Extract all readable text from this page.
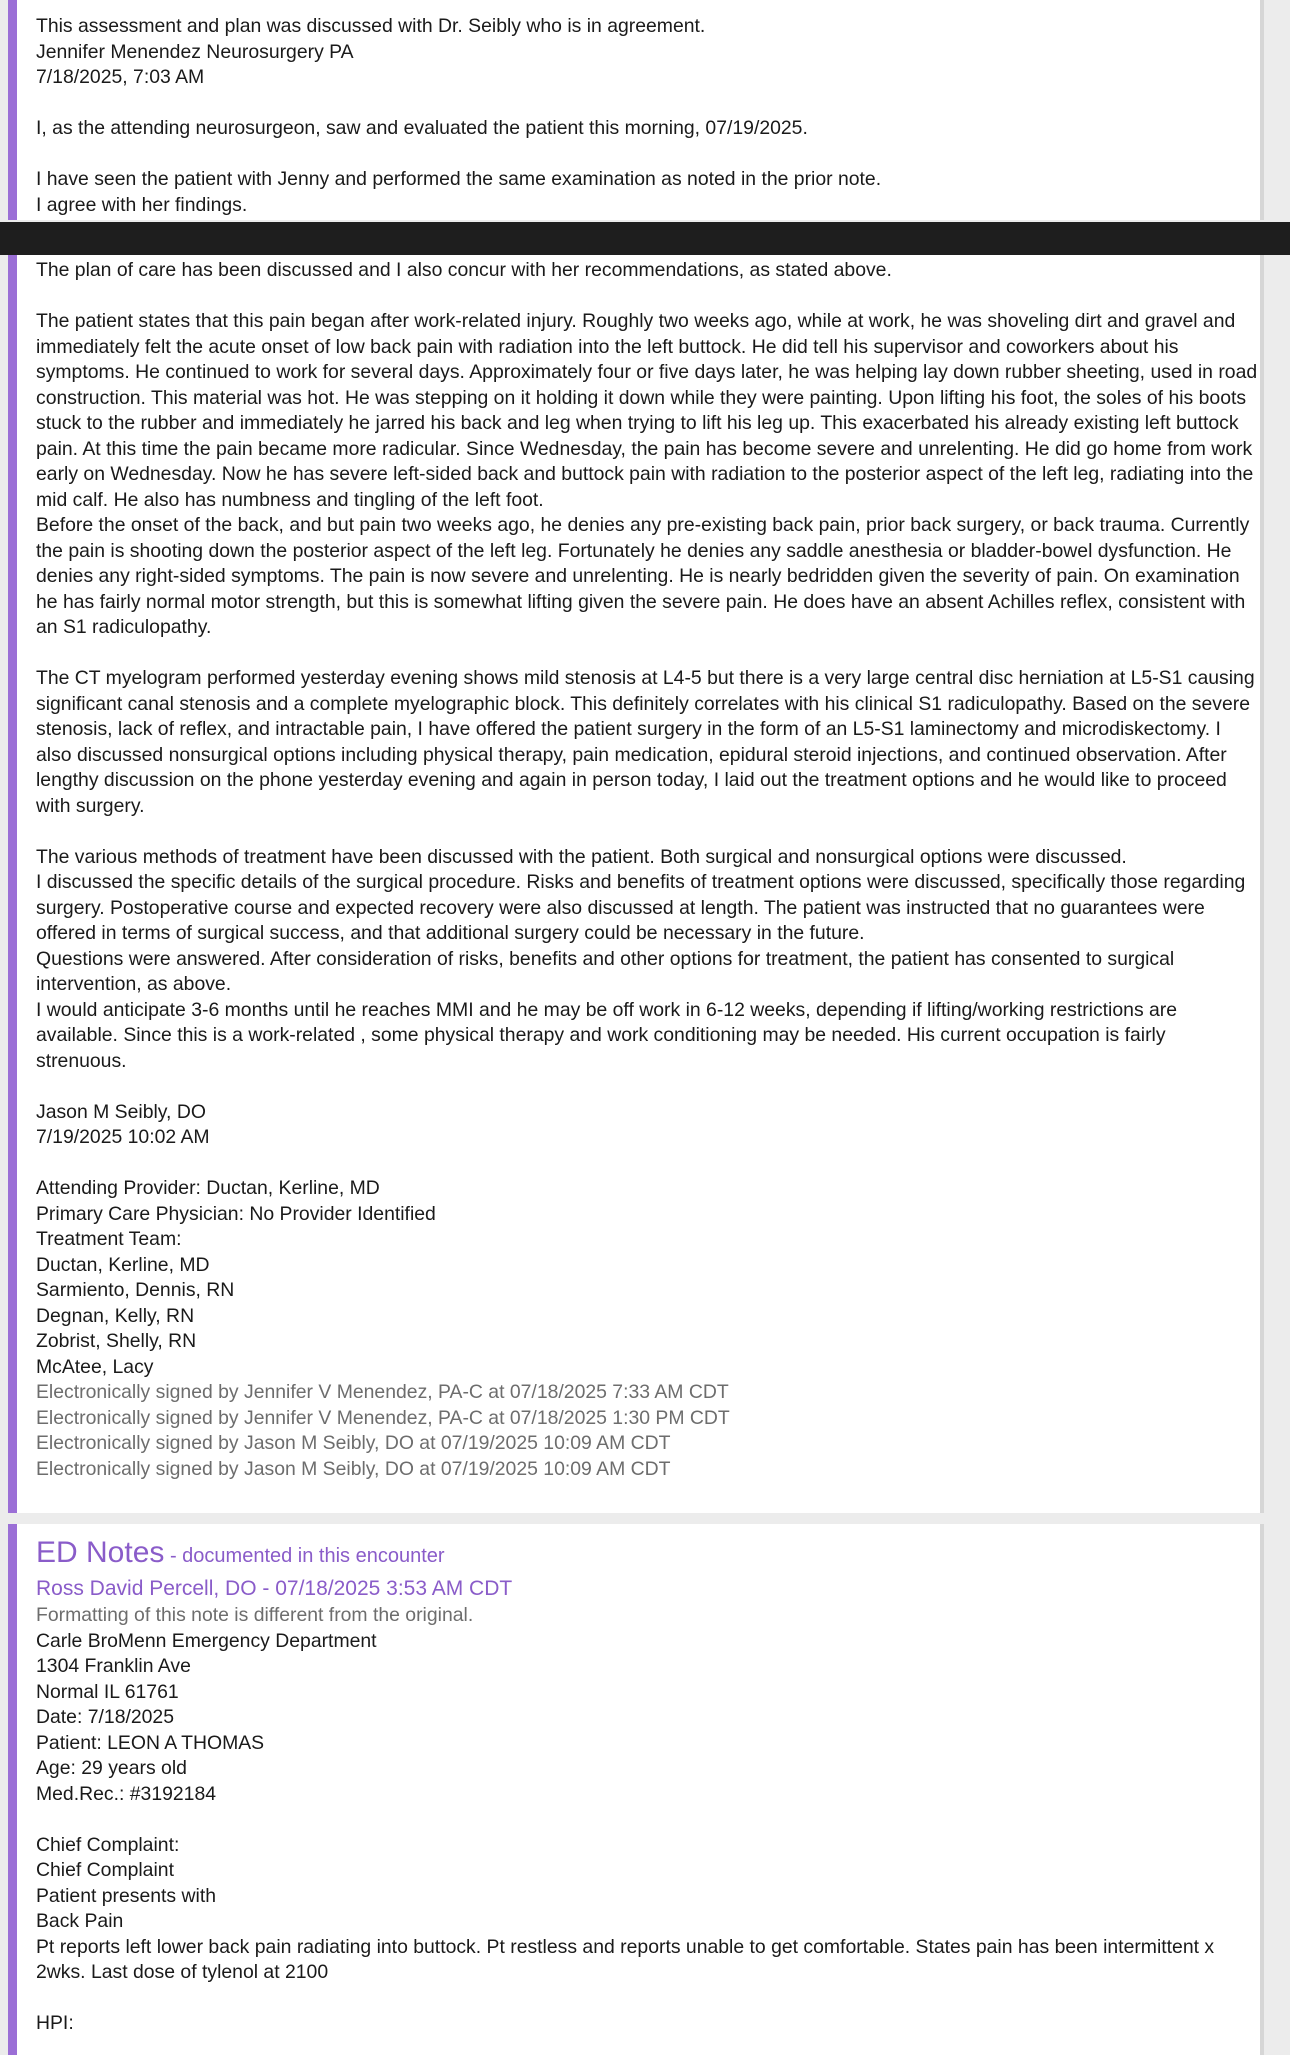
This assessment and plan was discussed with Dr. Seibly who is in agreement.

Jennifer Menendez Neurosurgery PA

7/18/2025, 7:03 AM

I, as the attending neurosurgeon, saw and evaluated the patient this morning, 07/19/2025.

I have seen the patient with Jenny and performed the same examination as noted in the prior note.

I agree with her findings.

The plan of care has been discussed and I also concur with her recommendations, as stated above.

The patient states that this pain began after work-related injury. Roughly two weeks ago, while at work, he was shoveling dirt and gravel and immediately felt the acute onset of low back pain with radiation into the left buttock. He did tell his supervisor and coworkers about his symptoms. He continued to work for several days. Approximately four or five days later, he was helping lay down rubber sheeting, used in road construction. This material was hot. He was stepping on it holding it down while they were painting. Upon lifting his foot, the soles of his boots stuck to the rubber and immediately he jarred his back and leg when trying to lift his leg up. This exacerbated his already existing left buttock pain. At this time the pain became more radicular. Since Wednesday, the pain has become severe and unrelenting. He did go home from work early on Wednesday. Now he has severe left-sided back and buttock pain with radiation to the posterior aspect of the left leg, radiating into the mid calf. He also has numbness and tingling of the left foot.

Before the onset of the back, and but pain two weeks ago, he denies any pre-existing back pain, prior back surgery, or back trauma. Currently the pain is shooting down the posterior aspect of the left leg. Fortunately he denies any saddle anesthesia or bladder-bowel dysfunction. He denies any right-sided symptoms. The pain is now severe and unrelenting. He is nearly bedridden given the severity of pain. On examination he has fairly normal motor strength, but this is somewhat lifting given the severe pain. He does have an absent Achilles reflex, consistent with an S1 radiculopathy.

The CT myelogram performed yesterday evening shows mild stenosis at L4-5 but there is a very large central disc herniation at L5-S1 causing significant canal stenosis and a complete myelographic block. This definitely correlates with his clinical S1 radiculopathy. Based on the severe stenosis, lack of reflex, and intractable pain, I have offered the patient surgery in the form of an L5-S1 laminectomy and microdiskectomy. I also discussed nonsurgical options including physical therapy, pain medication, epidural steroid injections, and continued observation. After lengthy discussion on the phone yesterday evening and again in person today, I laid out the treatment options and he would like to proceed with surgery.

The various methods of treatment have been discussed with the patient. Both surgical and nonsurgical options were discussed.

I discussed the specific details of the surgical procedure. Risks and benefits of treatment options were discussed, specifically those regarding surgery. Postoperative course and expected recovery were also discussed at length. The patient was instructed that no guarantees were offered in terms of surgical success, and that additional surgery could be necessary in the future.

Questions were answered. After consideration of risks, benefits and other options for treatment, the patient has consented to surgical intervention, as above.

I would anticipate 3-6 months until he reaches MMI and he may be off work in 6-12 weeks, depending if lifting/working restrictions are available. Since this is a work-related , some physical therapy and work conditioning may be needed. His current occupation is fairly strenuous.

Jason M Seibly, DO

7/19/2025 10:02 AM

Attending Provider: Ductan, Kerline, MD

Primary Care Physician: No Provider Identified

Treatment Team:

Ductan, Kerline, MD

Sarmiento, Dennis, RN

Degnan, Kelly, RN

Zobrist, Shelly, RN

McAtee, Lacy

Electronically signed by Jennifer V Menendez, PA-C at 07/18/2025 7:33 AM CDT

Electronically signed by Jennifer V Menendez, PA-C at 07/18/2025 1:30 PM CDT

Electronically signed by Jason M Seibly, DO at 07/19/2025 10:09 AM CDT

Electronically signed by Jason M Seibly, DO at 07/19/2025 10:09 AM CDT

ED Notes - documented in this encounter

Ross David Percell, DO - 07/18/2025 3:53 AM CDT

Formatting of this note is different from the original.

Carle BroMenn Emergency Department

1304 Franklin Ave

Normal IL 61761

Date: 7/18/2025

Patient: LEON A THOMAS

Age: 29 years old

Med.Rec.: #3192184

Chief Complaint:

Chief Complaint

Patient presents with

Back Pain

Pt reports left lower back pain radiating into buttock. Pt restless and reports unable to get comfortable. States pain has been intermittent x 2wks. Last dose of tylenol at 2100

HPI:
